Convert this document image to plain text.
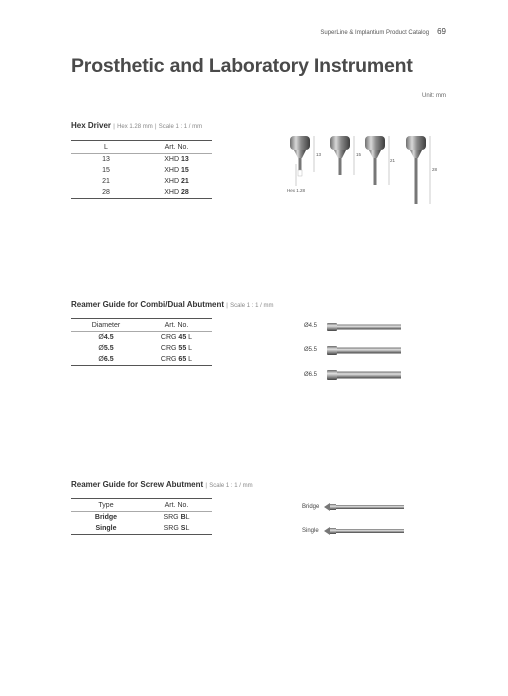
SuperLine & Implantium Product Catalog 69
Prosthetic and Laboratory Instrument
Unit: mm
Hex Driver | Hex 1.28 mm | Scale 1 : 1 / mm
L	Art. No.
13	XHD 13
15	XHD 15
21	XHD 21
28	XHD 28
13	15
21
28
Hex 1.28
Reamer Guide for Combi/Dual Abutment | Scale 1 : 1 / mm
Diameter	Art. No.
Ø4.5	CRG 45 L
Ø5.5	CRG 55 L
Ø6.5	CRG 65 L
Ø4.5
Ø5.5
Ø6.5
Reamer Guide for Screw Abutment | Scale 1 : 1 / mm
Type	Art. No.
Bridge	SRG BL
Single	SRG SL
Bridge
Single
